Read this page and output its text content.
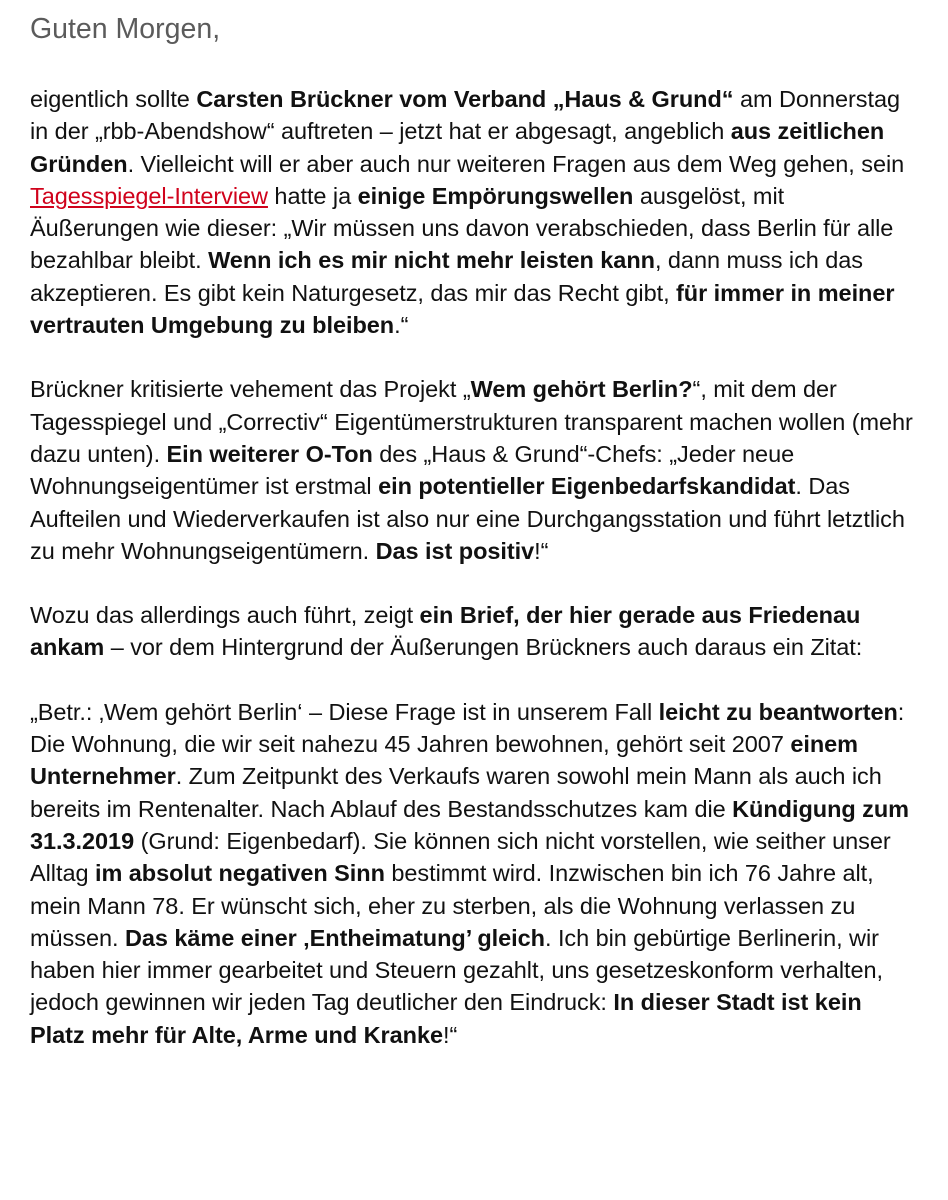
Guten Morgen,

eigentlich sollte Carsten Brückner vom Verband „Haus & Grund“ am Donnerstag in der „rbb-Abendshow“ auftreten – jetzt hat er abgesagt, angeblich aus zeitlichen Gründen. Vielleicht will er aber auch nur weiteren Fragen aus dem Weg gehen, sein Tagesspiegel-Interview hatte ja einige Empörungswellen ausgelöst, mit Äußerungen wie dieser: „Wir müssen uns davon verabschieden, dass Berlin für alle bezahlbar bleibt. Wenn ich es mir nicht mehr leisten kann, dann muss ich das akzeptieren. Es gibt kein Naturgesetz, das mir das Recht gibt, für immer in meiner vertrauten Umgebung zu bleiben.“

Brückner kritisierte vehement das Projekt „Wem gehört Berlin?“, mit dem der Tagesspiegel und „Correctiv“ Eigentümerstrukturen transparent machen wollen (mehr dazu unten). Ein weiterer O-Ton des „Haus & Grund“-Chefs: „Jeder neue Wohnungseigentümer ist erstmal ein potentieller Eigenbedarfskandidat. Das Aufteilen und Wiederverkaufen ist also nur eine Durchgangsstation und führt letztlich zu mehr Wohnungseigentümern. Das ist positiv!“

Wozu das allerdings auch führt, zeigt ein Brief, der hier gerade aus Friedenau ankam – vor dem Hintergrund der Äußerungen Brückners auch daraus ein Zitat:

„Betr.: ‚Wem gehört Berlin‘ – Diese Frage ist in unserem Fall leicht zu beantworten: Die Wohnung, die wir seit nahezu 45 Jahren bewohnen, gehört seit 2007 einem Unternehmer. Zum Zeitpunkt des Verkaufs waren sowohl mein Mann als auch ich bereits im Rentenalter. Nach Ablauf des Bestandsschutzes kam die Kündigung zum 31.3.2019 (Grund: Eigenbedarf). Sie können sich nicht vorstellen, wie seither unser Alltag im absolut negativen Sinn bestimmt wird. Inzwischen bin ich 76 Jahre alt, mein Mann 78. Er wünscht sich, eher zu sterben, als die Wohnung verlassen zu müssen. Das käme einer ‚Entheimatung’ gleich. Ich bin gebürtige Berlinerin, wir haben hier immer gearbeitet und Steuern gezahlt, uns gesetzeskonform verhalten, jedoch gewinnen wir jeden Tag deutlicher den Eindruck: In dieser Stadt ist kein Platz mehr für Alte, Arme und Kranke!“
